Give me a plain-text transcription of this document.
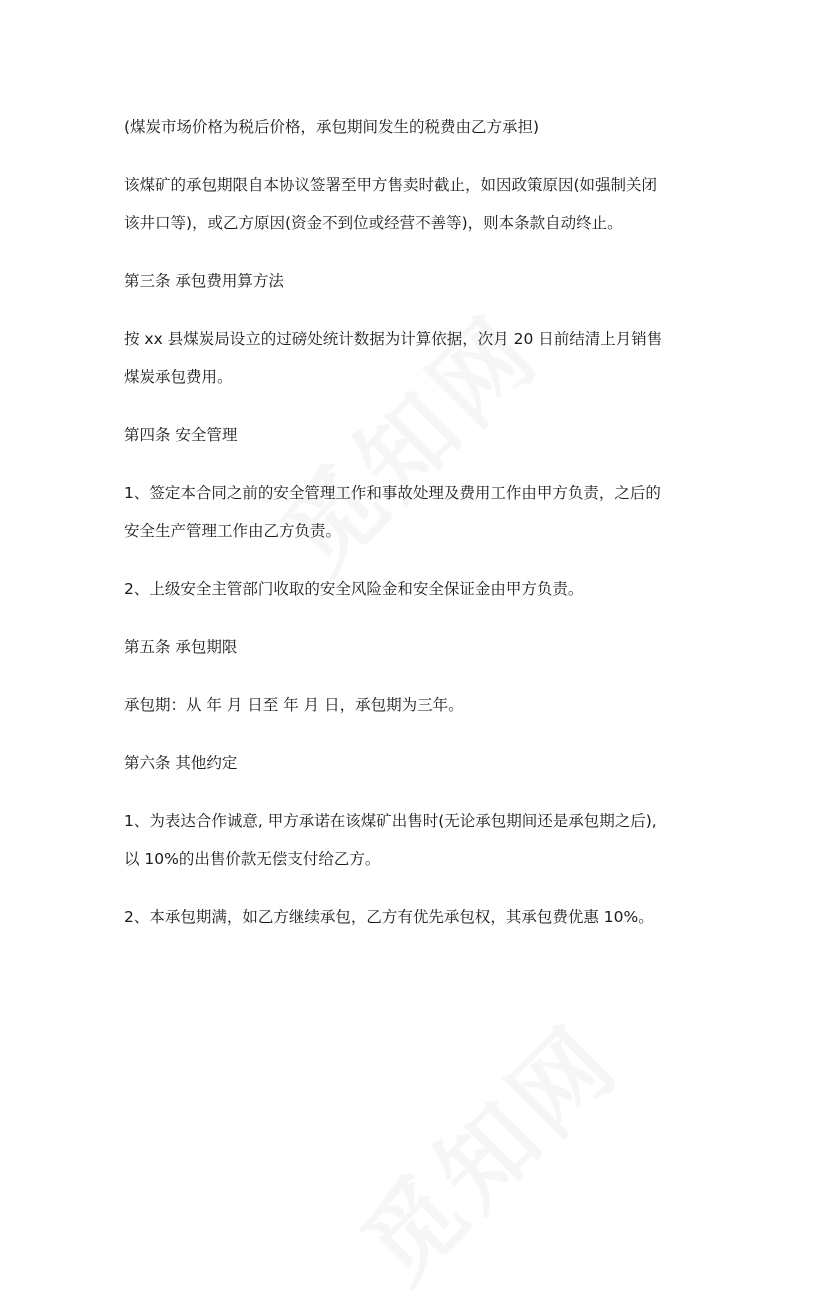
(煤炭市场价格为税后价格，承包期间发生的税费由乙方承担)

该煤矿的承包期限自本协议签署至甲方售卖时截止，如因政策原因(如强制关闭
该井口等)，或乙方原因(资金不到位或经营不善等)，则本条款自动终止。

第三条 承包费用算方法

按 xx 县煤炭局设立的过磅处统计数据为计算依据，次月 20 日前结清上月销售
煤炭承包费用。

第四条 安全管理

1、签定本合同之前的安全管理工作和事故处理及费用工作由甲方负责，之后的
安全生产管理工作由乙方负责。

2、上级安全主管部门收取的安全风险金和安全保证金由甲方负责。

第五条 承包期限

承包期：从 年 月 日至 年 月 日，承包期为三年。

第六条 其他约定

1、为表达合作诚意, 甲方承诺在该煤矿出售时(无论承包期间还是承包期之后),
以 10%的出售价款无偿支付给乙方。

2、本承包期满，如乙方继续承包，乙方有优先承包权，其承包费优惠 10%。
